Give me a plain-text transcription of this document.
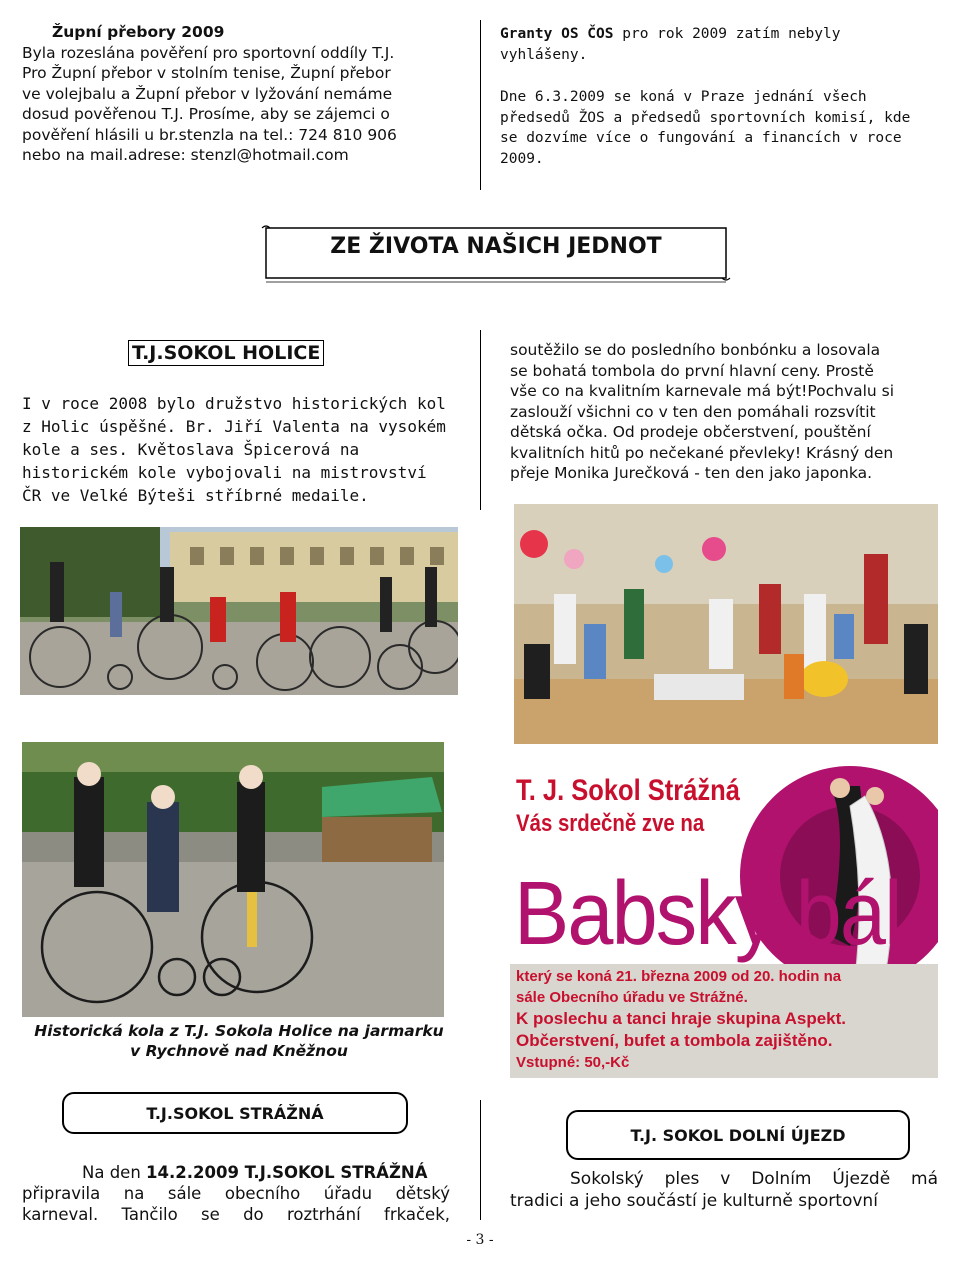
Župní přebory 2009
Byla rozeslána pověření pro sportovní oddíly T.J.
Pro Župní přebor v stolním tenise, Župní přebor
ve volejbalu a Župní přebor v lyžování nemáme
dosud pověřenou T.J. Prosíme, aby se zájemci o
pověření hlásili u br.stenzla na tel.: 724 810 906
nebo na mail.adrese: stenzl@hotmail.com
Granty OS ČOS pro rok 2009 zatím nebyly
vyhlášeny.
Dne 6.3.2009 se koná v Praze jednání všech
předsedů ŽOS a předsedů sportovních komisí, kde
se dozvíme více o fungování a financích v roce
2009.
ZE ŽIVOTA NAŠICH JEDNOT
T.J.SOKOL HOLICE
I v roce 2008 bylo družstvo historických kol
z Holic úspěšné. Br. Jiří Valenta na vysokém
kole a ses. Květoslava Špicerová na
historickém kole vybojovali na mistrovství
ČR ve Velké Býteši stříbrné medaile.
soutěžilo se do posledního bonbónku a losovala
se bohatá tombola do první hlavní ceny. Prostě
vše co na kvalitním karnevale má být!Pochvalu si
zaslouží všichni co v ten den pomáhali rozsvítit
dětská očka. Od prodeje občerstvení, pouštění
kvalitních hitů po nečekané převleky! Krásný den
přeje Monika Jurečková - ten den jako japonka.
Historická kola z T.J. Sokola Holice na jarmarku
v Rychnově nad Kněžnou
T. J. Sokol Strážná
Vás srdečně zve na
Babský bál
který se koná 21. března 2009 od 20. hodin na
sále Obecního úřadu ve Strážné.
K poslechu a tanci hraje skupina Aspekt.
Občerstvení, bufet a tombola zajištěno.
Vstupné: 50,-Kč
T.J.SOKOL STRÁŽNÁ
Na den 14.2.2009 T.J.SOKOL STRÁŽNÁ
připravila na sále obecního úřadu dětský
karneval. Tančilo se do roztrhání frkaček,
T.J. SOKOL DOLNÍ ÚJEZD
Sokolský ples v Dolním Újezdě má
tradici a jeho součástí je kulturně sportovní
- 3 -
